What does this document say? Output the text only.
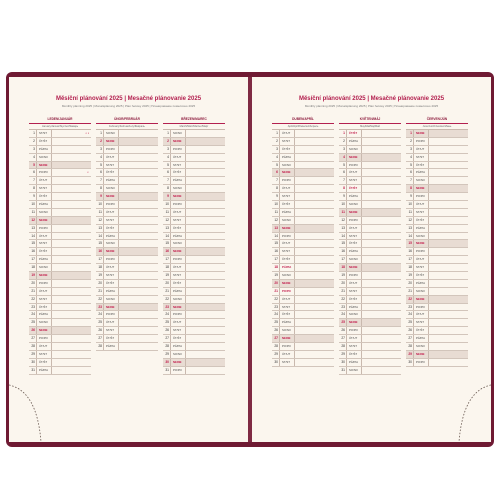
Měsíční plánování 2025 | Mesačné plánovanie 2025
Monthly planning 2025 | Monatsplanung 2025 | Plan hetowy 2025 | Планирование помесячно 2025
LEDEN/JANUÁR
January/Januar/Styczeń/Январь
1	ST/ST	◐◑
2	ČT/ŠT
3	PÁ/PIA
4	SO/SO
5	NE/NE
6	PO/PO	◐
7	ÚT/UT
8	ST/ST
9	ČT/ŠT
10	PÁ/PIA
11	SO/SO
12	NE/NE
13	PO/PO
14	ÚT/UT
15	ST/ST
16	ČT/ŠT
17	PÁ/PIA
18	SO/SO
19	NE/NE
20	PO/PO
21	ÚT/UT
22	ST/ST
23	ČT/ŠT
24	PÁ/PIA
25	SO/SO
26	NE/NE
27	PO/PO
28	ÚT/UT
29	ST/ST
30	ČT/ŠT
31	PÁ/PIA
ÚNOR/FEBRUÁR
February/Februar/Luty/Февраль
1	SO/SO
2	NE/NE
3	PO/PO
4	ÚT/UT
5	ST/ST
6	ČT/ŠT
7	PÁ/PIA
8	SO/SO
9	NE/NE
10	PO/PO
11	ÚT/UT
12	ST/ST
13	ČT/ŠT
14	PÁ/PIA
15	SO/SO
16	NE/NE
17	PO/PO
18	ÚT/UT
19	ST/ST
20	ČT/ŠT
21	PÁ/PIA
22	SO/SO
23	NE/NE
24	PO/PO
25	ÚT/UT
26	ST/ST
27	ČT/ŠT
28	PÁ/PIA
BŘEZEN/MAREC
March/März/Marzec/Март
1	SO/SO
2	NE/NE
3	PO/PO
4	ÚT/UT
5	ST/ST
6	ČT/ŠT
7	PÁ/PIA
8	SO/SO
9	NE/NE
10	PO/PO
11	ÚT/UT
12	ST/ST
13	ČT/ŠT
14	PÁ/PIA
15	SO/SO
16	NE/NE
17	PO/PO
18	ÚT/UT
19	ST/ST
20	ČT/ŠT
21	PÁ/PIA
22	SO/SO
23	NE/NE
24	PO/PO
25	ÚT/UT
26	ST/ST
27	ČT/ŠT
28	PÁ/PIA
29	SO/SO
30	NE/NE
31	PO/PO
Měsíční plánování 2025 | Mesačné plánovanie 2025
Monthly planning 2025 | Monatsplanung 2025 | Plan hetowy 2025 | Планирование помесячно 2025
DUBEN/APRÍL
April/April/Kwiecień/Апрель
1	ÚT/UT
2	ST/ST
3	ČT/ŠT
4	PÁ/PIA
5	SO/SO
6	NE/NE
7	PO/PO
8	ÚT/UT
9	ST/ST
10	ČT/ŠT
11	PÁ/PIA
12	SO/SO
13	NE/NE
14	PO/PO
15	ÚT/UT
16	ST/ST
17	ČT/ŠT
18	PÁ/PIA
19	SO/SO
20	NE/NE
21	PO/PO
22	ÚT/UT
23	ST/ST
24	ČT/ŠT
25	PÁ/PIA
26	SO/SO
27	NE/NE
28	PO/PO
29	ÚT/UT
30	ST/ST
KVĚTEN/MÁJ
May/Mai/Maj/Май
1	ČT/ŠT
2	PÁ/PIA
3	SO/SO
4	NE/NE
5	PO/PO
6	ÚT/UT
7	ST/ST
8	ČT/ŠT
9	PÁ/PIA
10	SO/SO
11	NE/NE
12	PO/PO
13	ÚT/UT
14	ST/ST
15	ČT/ŠT
16	PÁ/PIA
17	SO/SO
18	NE/NE
19	PO/PO
20	ÚT/UT
21	ST/ST
22	ČT/ŠT
23	PÁ/PIA
24	SO/SO
25	NE/NE
26	PO/PO
27	ÚT/UT
28	ST/ST
29	ČT/ŠT
30	PÁ/PIA
31	SO/SO
ČERVEN/JÚN
June/Juni/Czerwiec/Июнь
1	NE/NE
2	PO/PO
3	ÚT/UT
4	ST/ST
5	ČT/ŠT
6	PÁ/PIA
7	SO/SO
8	NE/NE
9	PO/PO
10	ÚT/UT
11	ST/ST
12	ČT/ŠT
13	PÁ/PIA
14	SO/SO
15	NE/NE
16	PO/PO
17	ÚT/UT
18	ST/ST
19	ČT/ŠT
20	PÁ/PIA
21	SO/SO
22	NE/NE
23	PO/PO
24	ÚT/UT
25	ST/ST
26	ČT/ŠT
27	PÁ/PIA
28	SO/SO
29	NE/NE
30	PO/PO
